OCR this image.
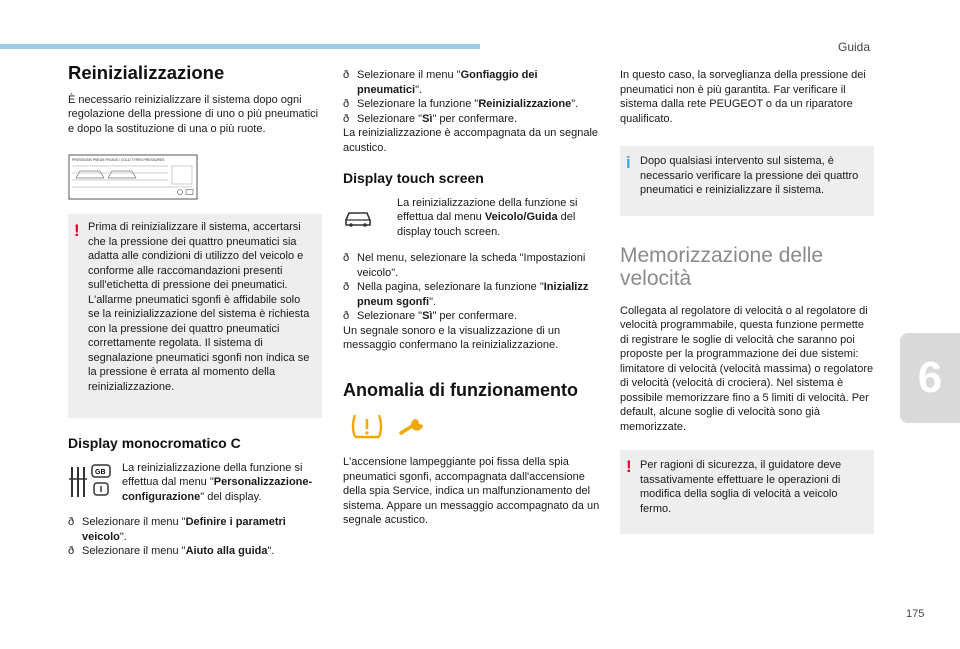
Guida
6
175
Reinizializzazione

È necessario reinizializzare il sistema dopo ogni regolazione della pressione di uno o più pneumatici e dopo la sostituzione di una o più ruote.

PRESSIONS PNEUS FROIDS / COLD TYRES PRESSURES
! Prima di reinizializzare il sistema, accertarsi che la pressione dei quattro pneumatici sia adatta alle condizioni di utilizzo del veicolo e conforme alle raccomandazioni presenti sull'etichetta di pressione dei pneumatici. L'allarme pneumatici sgonfi è affidabile solo se la reinizializzazione del sistema è richiesta con la pressione dei quattro pneumatici correttamente regolata. Il sistema di segnalazione pneumatici sgonfi non indica se la pressione è errata al momento della reinizializzazione.

Display monocromatico C
GB La reinizializzazione della funzione si effettua dal menu "Personalizzazione-configurazione" del display.

ð Selezionare il menu "Definire i parametri veicolo".

ð Selezionare il menu "Aiuto alla guida".

ð Selezionare il menu "Gonfiaggio dei pneumatici".

ð Selezionare la funzione "Reinizializzazione".

ð Selezionare "Sì" per confermare.

La reinizializzazione è accompagnata da un segnale acustico.

Display touch screen

La reinizializzazione della funzione si effettua dal menu Veicolo/Guida del display touch screen.

ð Nel menu, selezionare la scheda "Impostazioni veicolo".

ð Nella pagina, selezionare la funzione "Inizializz pneum sgonfi".

ð Selezionare "Sì" per confermare.

Un segnale sonoro e la visualizzazione di un messaggio confermano la reinizializzazione.

Anomalia di funzionamento

L'accensione lampeggiante poi fissa della spia pneumatici sgonfi, accompagnata dall'accensione della spia Service, indica un malfunzionamento del sistema. Appare un messaggio accompagnato da un segnale acustico.

In questo caso, la sorveglianza della pressione dei pneumatici non è più garantita. Far verificare il sistema dalla rete PEUGEOT o da un riparatore qualificato.

i Dopo qualsiasi intervento sul sistema, è necessario verificare la pressione dei quattro pneumatici e reinizializzare il sistema.

Memorizzazione delle velocità

Collegata al regolatore di velocità o al regolatore di velocità programmabile, questa funzione permette di registrare le soglie di velocità che saranno poi proposte per la programmazione dei due sistemi: limitatore di velocità (velocità massima) o regolatore di velocità (velocità di crociera). Nel sistema è possibile memorizzare fino a 5 limiti di velocità. Per default, alcune soglie di velocità sono già memorizzate.

! Per ragioni di sicurezza, il guidatore deve tassativamente effettuare le operazioni di modifica della soglia di velocità a veicolo fermo.
